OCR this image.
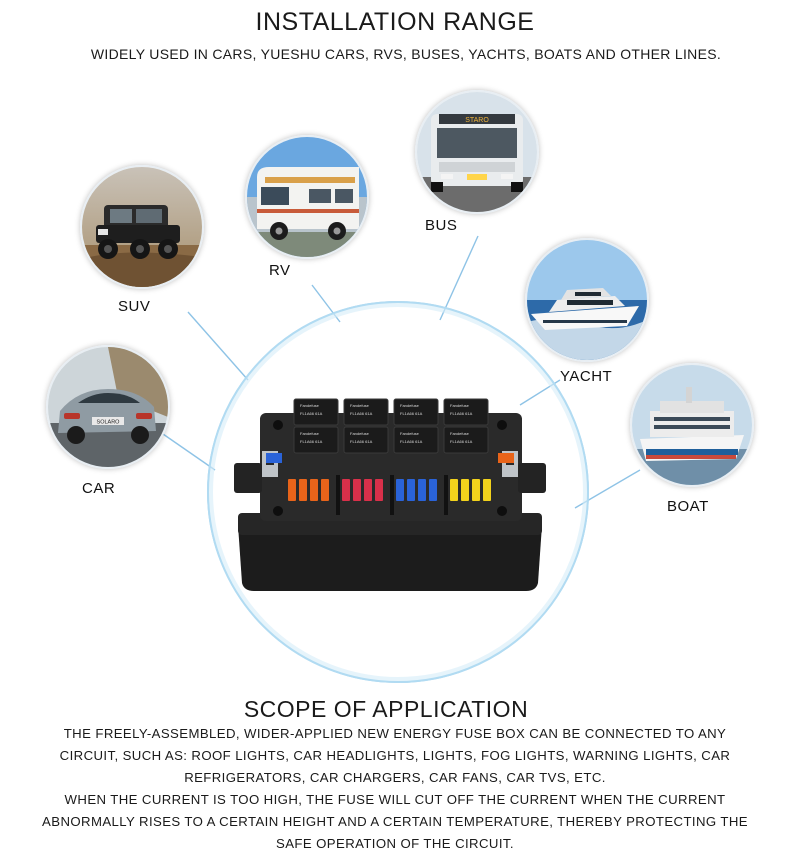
INSTALLATION RANGE
WIDELY USED IN CARS, YUESHU CARS, RVS, BUSES, YACHTS, BOATS AND OTHER LINES.
SUV
RV
STARO
BUS
YACHT
SOLARO
CAR
BOAT
Fandefuse	Fandefuse	Fandefuse	Fandefuse
Fandefuse	Fandefuse	Fandefuse	Fandefuse
FL1A66 61A	FL1A66 61A	FL1A66 61A	FL1A66 61A
FL1A66 61A	FL1A66 61A	FL1A66 61A	FL1A66 61A
SCOPE OF APPLICATION

THE FREELY-ASSEMBLED, WIDER-APPLIED NEW ENERGY FUSE BOX CAN BE CONNECTED TO ANY

CIRCUIT, SUCH AS: ROOF LIGHTS, CAR HEADLIGHTS, LIGHTS, FOG LIGHTS, WARNING LIGHTS, CAR

REFRIGERATORS, CAR CHARGERS, CAR FANS, CAR TVS, ETC.

WHEN THE CURRENT IS TOO HIGH, THE FUSE WILL CUT OFF THE CURRENT WHEN THE CURRENT

ABNORMALLY RISES TO A CERTAIN HEIGHT AND A CERTAIN TEMPERATURE, THEREBY PROTECTING THE

SAFE OPERATION OF THE CIRCUIT.
